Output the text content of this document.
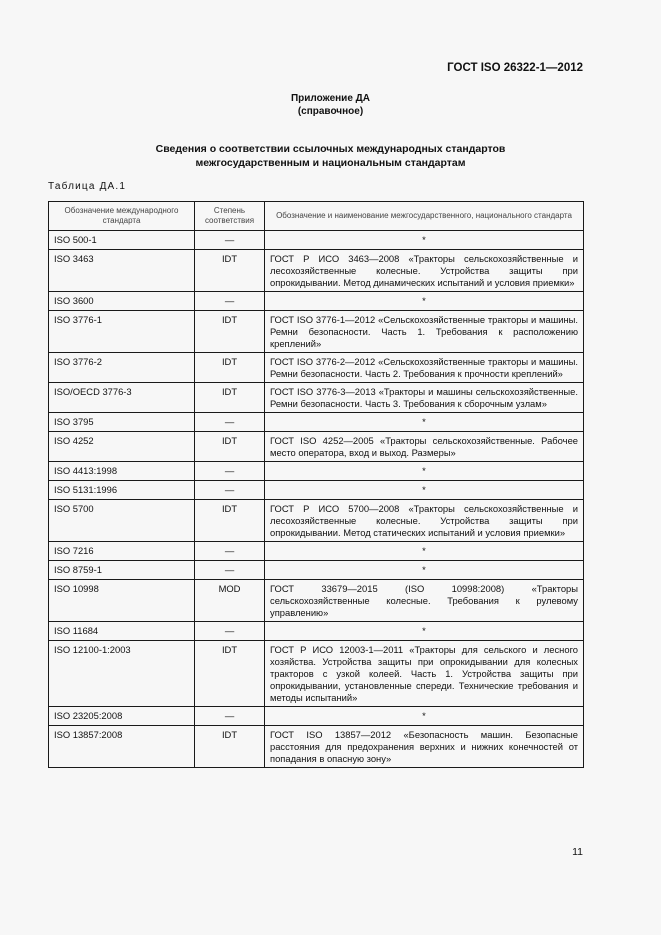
ГОСТ ISO 26322-1—2012
Приложение ДА
(справочное)
Сведения о соответствии ссылочных международных стандартов
межгосударственным и национальным стандартам
Таблица ДА.1
Обозначение международного стандарта	Степень соответствия	Обозначение и наименование межгосударственного, национального стандарта
ISO 500-1	—	*
ISO 3463	IDT	ГОСТ Р ИСО 3463—2008 «Тракторы сельскохозяйственные и лесохозяйственные колесные. Устройства защиты при опрокидывании. Метод динамических испытаний и условия приемки»
ISO 3600	—	*
ISO 3776-1	IDT	ГОСТ ISO 3776-1—2012 «Сельскохозяйственные тракторы и машины. Ремни безопасности. Часть 1. Требования к расположению креплений»
ISO 3776-2	IDT	ГОСТ ISO 3776-2—2012 «Сельскохозяйственные тракторы и машины. Ремни безопасности. Часть 2. Требования к прочности креплений»
ISO/OECD 3776-3	IDT	ГОСТ ISO 3776-3—2013 «Тракторы и машины сельскохозяйственные. Ремни безопасности. Часть 3. Требования к сборочным узлам»
ISO 3795	—	*
ISO 4252	IDT	ГОСТ ISO 4252—2005 «Тракторы сельскохозяйственные. Рабочее место оператора, вход и выход. Размеры»
ISO 4413:1998	—	*
ISO 5131:1996	—	*
ISO 5700	IDT	ГОСТ Р ИСО 5700—2008 «Тракторы сельскохозяйственные и лесохозяйственные колесные. Устройства защиты при опрокидывании. Метод статических испытаний и условия приемки»
ISO 7216	—	*
ISO 8759-1	—	*
ISO 10998	MOD	ГОСТ 33679—2015 (ISO 10998:2008) «Тракторы сельскохозяйственные колесные. Требования к рулевому управлению»
ISO 11684	—	*
ISO 12100-1:2003	IDT	ГОСТ Р ИСО 12003-1—2011 «Тракторы для сельского и лесного хозяйства. Устройства защиты при опрокидывании для колесных тракторов с узкой колеей. Часть 1. Устройства защиты при опрокидывании, установленные спереди. Технические требования и методы испытаний»
ISO 23205:2008	—	*
ISO 13857:2008	IDT	ГОСТ ISO 13857—2012 «Безопасность машин. Безопасные расстояния для предохранения верхних и нижних конечностей от попадания в опасную зону»
11
